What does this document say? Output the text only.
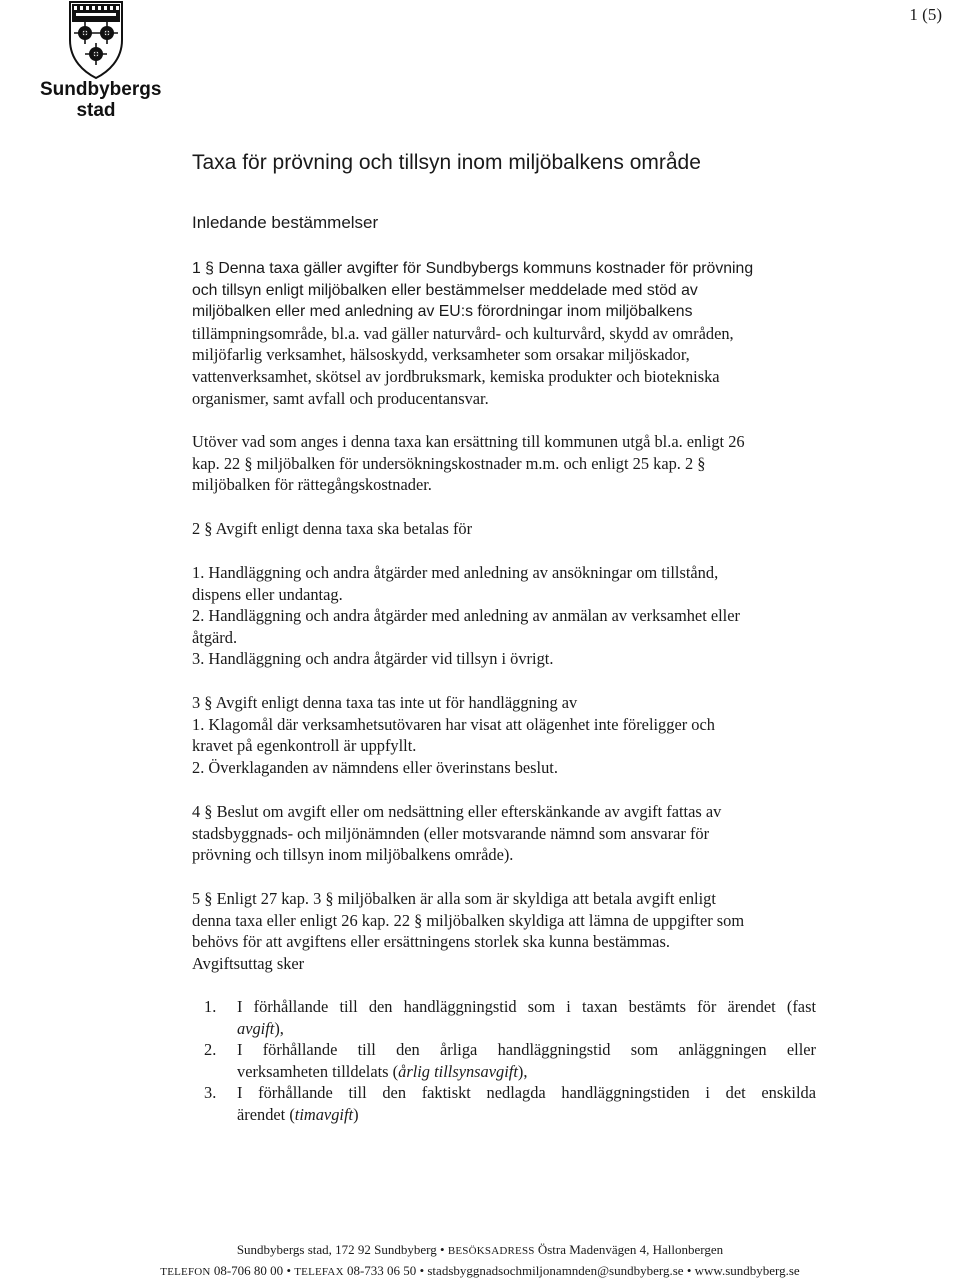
Sundbybergs
stad
1 (5)
Taxa för prövning och tillsyn inom miljöbalkens område
Inledande bestämmelser
1 § Denna taxa gäller avgifter för Sundbybergs kommuns kostnader för prövning
och tillsyn enligt miljöbalken eller bestämmelser meddelade med stöd av
miljöbalken eller med anledning av EU:s förordningar inom miljöbalkens
tillämpningsområde, bl.a. vad gäller naturvård- och kulturvård, skydd av områden,
miljöfarlig verksamhet, hälsoskydd, verksamheter som orsakar miljöskador,
vattenverksamhet, skötsel av jordbruksmark, kemiska produkter och biotekniska
organismer, samt avfall och producentansvar.
Utöver vad som anges i denna taxa kan ersättning till kommunen utgå bl.a. enligt 26
kap. 22 § miljöbalken för undersökningskostnader m.m. och enligt 25 kap. 2 §
miljöbalken för rättegångskostnader.
2 § Avgift enligt denna taxa ska betalas för
1. Handläggning och andra åtgärder med anledning av ansökningar om tillstånd,
dispens eller undantag.
2. Handläggning och andra åtgärder med anledning av anmälan av verksamhet eller
åtgärd.
3. Handläggning och andra åtgärder vid tillsyn i övrigt.
3 § Avgift enligt denna taxa tas inte ut för handläggning av
1. Klagomål där verksamhetsutövaren har visat att olägenhet inte föreligger och
kravet på egenkontroll är uppfyllt.
2. Överklaganden av nämndens eller överinstans beslut.
4 § Beslut om avgift eller om nedsättning eller efterskänkande av avgift fattas av
stadsbyggnads- och miljönämnden (eller motsvarande nämnd som ansvarar för
prövning och tillsyn inom miljöbalkens område).
5 § Enligt 27 kap. 3 § miljöbalken är alla som är skyldiga att betala avgift enligt
denna taxa eller enligt 26 kap. 22 § miljöbalken skyldiga att lämna de uppgifter som
behövs för att avgiftens eller ersättningens storlek ska kunna bestämmas.
Avgiftsuttag sker
1.	I förhållande till den handläggningstid som i taxan bestämts för ärendet (fast
avgift),
2.	I förhållande till den årliga handläggningstid som anläggningen eller
verksamheten tilldelats (årlig tillsynsavgift),
3.	I förhållande till den faktiskt nedlagda handläggningstiden i det enskilda
ärendet (timavgift)
Sundbybergs stad, 172 92 Sundbyberg • BESÖKSADRESS Östra Madenvägen 4, Hallonbergen
TELEFON 08-706 80 00 • TELEFAX 08-733 06 50 • stadsbyggnadsochmiljonamnden@sundbyberg.se • www.sundbyberg.se
